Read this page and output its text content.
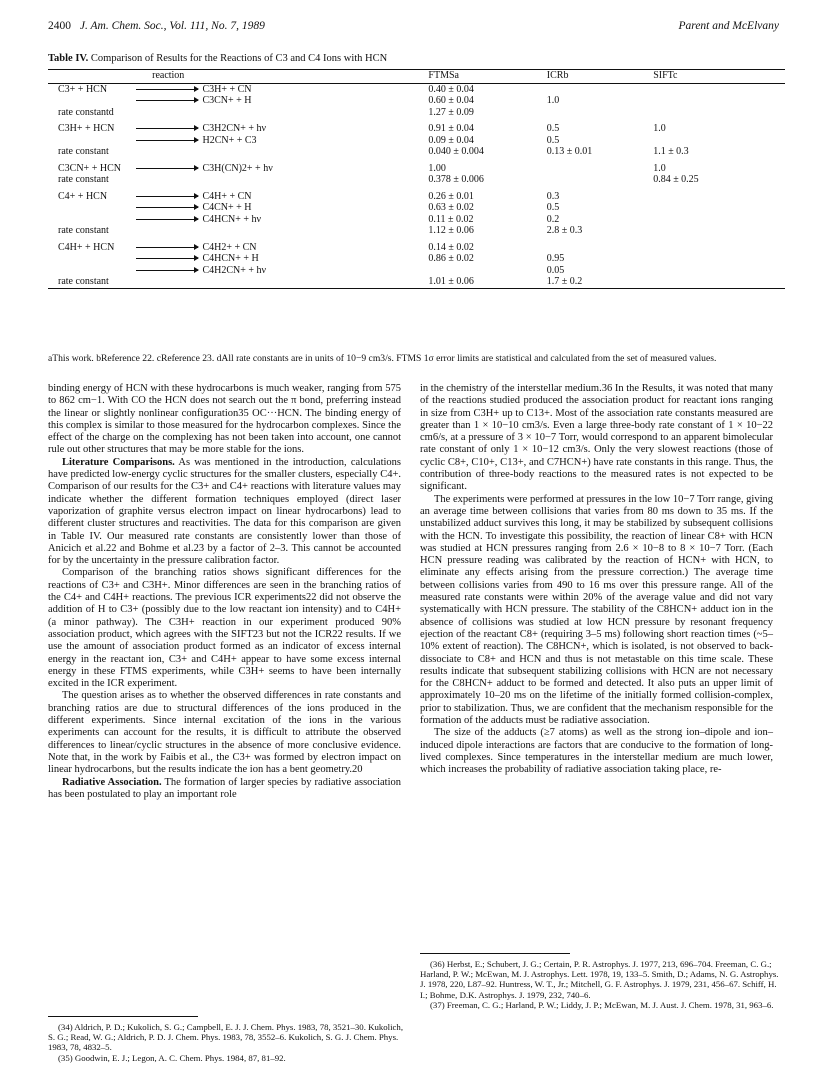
2400 J. Am. Chem. Soc., Vol. 111, No. 7, 1989	Parent and McElvany
Table IV. Comparison of Results for the Reactions of C3 and C4 Ions with HCN
reaction			FTMSa	ICRb	SIFTc
C3+ + HCN		C3H+ + CN	0.40 ± 0.04		
		C3CN+ + H	0.60 ± 0.04	1.0	
rate constantd			1.27 ± 0.09		
C3H+ + HCN		C3H2CN+ + hν	0.91 ± 0.04	0.5	1.0
		H2CN+ + C3	0.09 ± 0.04	0.5	
rate constant			0.040 ± 0.004	0.13 ± 0.01	1.1 ± 0.3
C3CN+ + HCN		C3H(CN)2+ + hν	1.00		1.0
rate constant			0.378 ± 0.006		0.84 ± 0.25
C4+ + HCN		C4H+ + CN	0.26 ± 0.01	0.3	
		C4CN+ + H	0.63 ± 0.02	0.5	
		C4HCN+ + hν	0.11 ± 0.02	0.2	
rate constant			1.12 ± 0.06	2.8 ± 0.3	
C4H+ + HCN		C4H2+ + CN	0.14 ± 0.02		
		C4HCN+ + H	0.86 ± 0.02	0.95	
		C4H2CN+ + hν		0.05	
rate constant			1.01 ± 0.06	1.7 ± 0.2	
aThis work. bReference 22. cReference 23. dAll rate constants are in units of 10−9 cm3/s. FTMS 1σ error limits are statistical and calculated from the set of measured values.

binding energy of HCN with these hydrocarbons is much weaker, ranging from 575 to 862 cm−1. With CO the HCN does not search out the π bond, preferring instead the linear or slightly nonlinear configuration35 OC···HCN. The binding energy of this complex is similar to those measured for the hydrocarbon complexes. Since the effect of the charge on the complexing has not been taken into account, one cannot rule out other structures that may be more stable for the ions.

Literature Comparisons. As was mentioned in the introduction, calculations have predicted low-energy cyclic structures for the smaller clusters, especially C4+. Comparison of our results for the C3+ and C4+ reactions with literature values may indicate whether the different formation techniques employed (direct laser vaporization of graphite versus electron impact on linear hydrocarbons) lead to different cluster structures and reactivities. The data for this comparison are given in Table IV. Our measured rate constants are consistently lower than those of Anicich et al.22 and Bohme et al.23 by a factor of 2–3. This cannot be accounted for by the uncertainty in the pressure calibration factor.

Comparison of the branching ratios shows significant differences for the reactions of C3+ and C3H+. Minor differences are seen in the branching ratios of the C4+ and C4H+ reactions. The previous ICR experiments22 did not observe the addition of H to C3+ (possibly due to the low reactant ion intensity) and to C4H+ (a minor pathway). The C3H+ reaction in our experiment produced 90% association product, which agrees with the SIFT23 but not the ICR22 results. If we use the amount of association product formed as an indicator of excess internal energy in the reactant ion, C3+ and C4H+ appear to have some excess internal energy in these FTMS experiments, while C3H+ seems to have been internally excited in the ICR experiment.

The question arises as to whether the observed differences in rate constants and branching ratios are due to structural differences of the ions produced in the different experiments. Since internal excitation of the ions in the various experiments can account for the results, it is difficult to attribute the observed differences to linear/cyclic structures in the absence of more conclusive evidence. Note that, in the work by Faibis et al., the C3+ was formed by electron impact on linear hydrocarbons, but the results indicate the ion has a bent geometry.20

Radiative Association. The formation of larger species by radiative association has been postulated to play an important role

in the chemistry of the interstellar medium.36 In the Results, it was noted that many of the reactions studied produced the association product for reactant ions ranging in size from C3H+ up to C13+. Most of the association rate constants measured are greater than 1 × 10−10 cm3/s. Even a large three-body rate constant of 1 × 10−22 cm6/s, at a pressure of 3 × 10−7 Torr, would correspond to an apparent bimolecular rate constant of only 1 × 10−12 cm3/s. Only the very slowest reactions (those of cyclic C8+, C10+, C13+, and C7HCN+) have rate constants in this range. Thus, the contribution of three-body reactions to the measured rates is not expected to be significant.

The experiments were performed at pressures in the low 10−7 Torr range, giving an average time between collisions that varies from 80 ms down to 35 ms. If the unstabilized adduct survives this long, it may be stabilized by subsequent collisions with the HCN. To investigate this possibility, the reaction of linear C8+ with HCN was studied at HCN pressures ranging from 2.6 × 10−8 to 8 × 10−7 Torr. (Each HCN pressure reading was calibrated by the reaction of HCN+ with HCN, to eliminate any effects arising from the pressure correction.) The average time between collisions varies from 490 to 16 ms over this pressure range. All of the measured rate constants were within 20% of the average value and did not vary systematically with HCN pressure. The stability of the C8HCN+ adduct ion in the absence of collisions was studied at low HCN pressure by resonant frequency ejection of the reactant C8+ (requiring 3–5 ms) following short reaction times (~5–10% extent of reaction). The C8HCN+, which is isolated, is not observed to back-dissociate to C8+ and HCN and thus is not metastable on this time scale. These results indicate that subsequent stabilizing collisions with HCN are not necessary for the C8HCN+ adduct to be formed and detected. It also puts an upper limit of approximately 10–20 ms on the lifetime of the initially formed collision-complex, prior to stabilization. Thus, we are confident that the mechanism responsible for the formation of the adducts must be radiative association.

The size of the adducts (≥7 atoms) as well as the strong ion–dipole and ion–induced dipole interactions are factors that are conducive to the formation of long-lived complexes. Since temperatures in the interstellar medium are much lower, which increases the probability of radiative association taking place, re-

(34) Aldrich, P. D.; Kukolich, S. G.; Campbell, E. J. J. Chem. Phys. 1983, 78, 3521–30. Kukolich, S. G.; Read, W. G.; Aldrich, P. D. J. Chem. Phys. 1983, 78, 3552–6. Kukolich, S. G. J. Chem. Phys. 1983, 78, 4832–5.

(35) Goodwin, E. J.; Legon, A. C. Chem. Phys. 1984, 87, 81–92.

(36) Herbst, E.; Schubert, J. G.; Certain, P. R. Astrophys. J. 1977, 213, 696–704. Freeman, C. G.; Harland, P. W.; McEwan, M. J. Astrophys. Lett. 1978, 19, 133–5. Smith, D.; Adams, N. G. Astrophys. J. 1978, 220, L87–92. Huntress, W. T., Jr.; Mitchell, G. F. Astrophys. J. 1979, 231, 456–67. Schiff, H. I.; Bohme, D.K. Astrophys. J. 1979, 232, 740–6.

(37) Freeman, C. G.; Harland, P. W.; Liddy, J. P.; McEwan, M. J. Aust. J. Chem. 1978, 31, 963–6.
